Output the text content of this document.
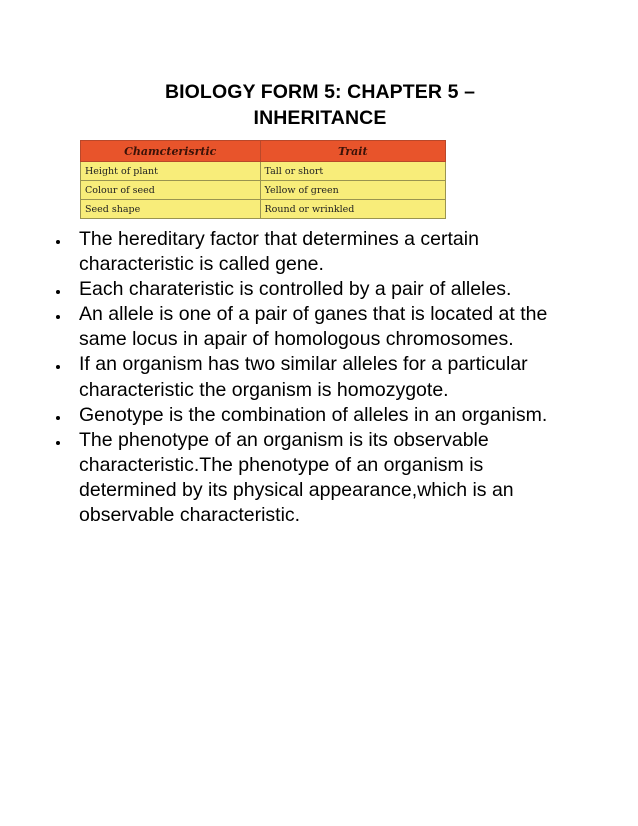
BIOLOGY FORM 5: CHAPTER 5 –
INHERITANCE
Chamcterisrtic	Trait
Height of plant	Tall or short
Colour of seed	Yellow of green
Seed shape	Round or wrinkled
The hereditary factor that determines a certain characteristic is called gene.
Each charateristic is controlled by a pair of alleles.
An allele is one of a pair of ganes that is located at the same locus in apair of homologous chromosomes.
If an organism has two similar alleles for a particular characteristic the organism is homozygote.
Genotype is the combination of alleles in an organism.
The phenotype of an organism is its observable characteristic.The phenotype of an organism is determined by its physical appearance,which is an observable characteristic.
